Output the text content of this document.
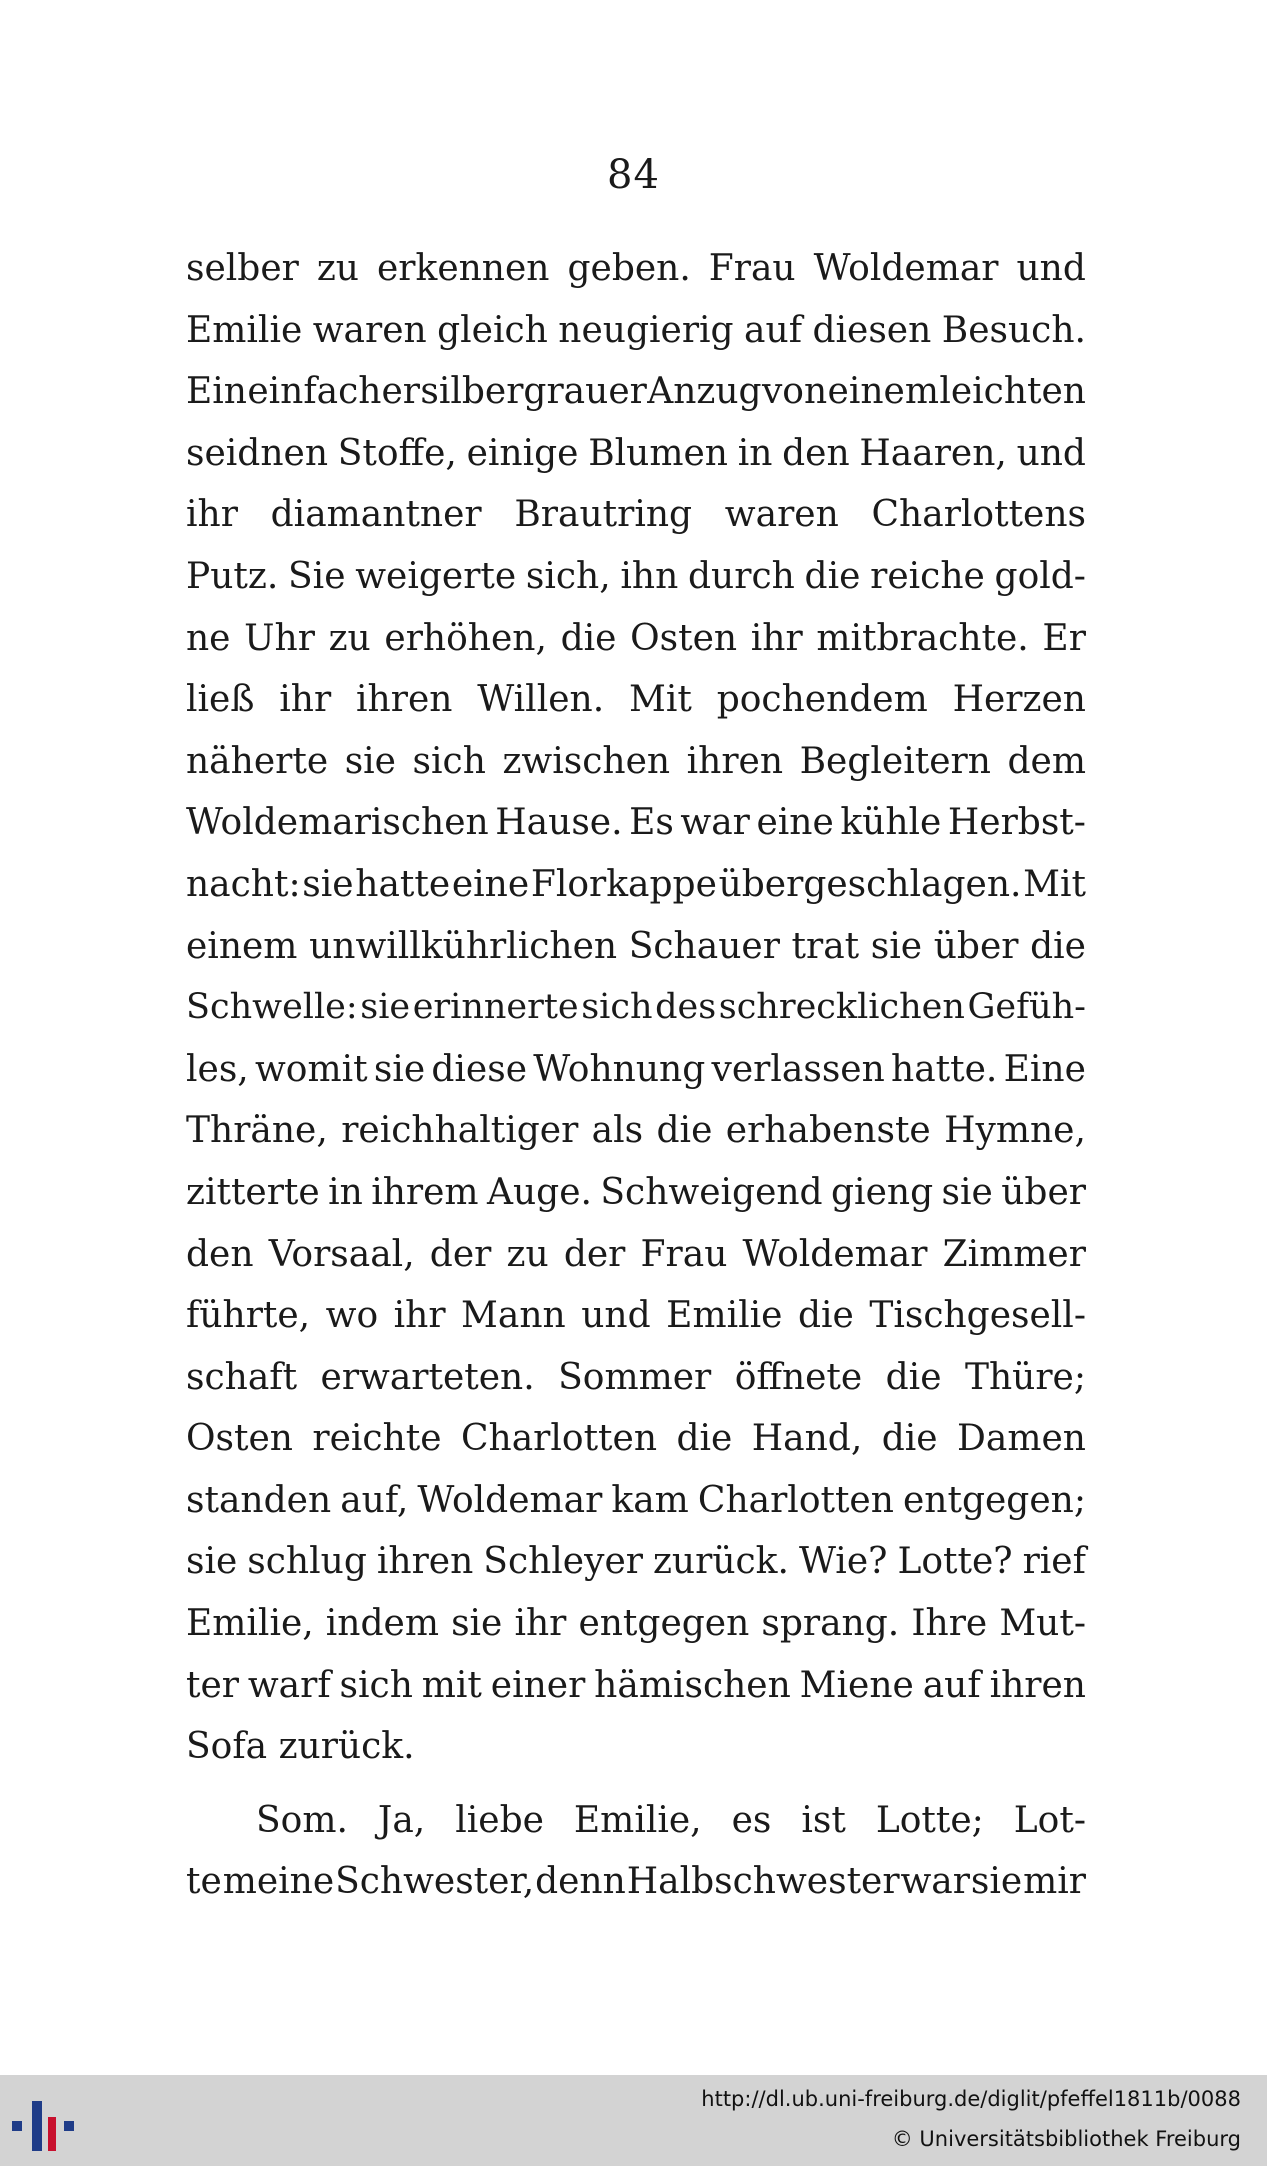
84
selber zu erkennen geben. Frau Woldemar und
Emilie waren gleich neugierig auf diesen Besuch.
Ein einfacher silbergrauer Anzug von einem leichten
seidnen Stoffe, einige Blumen in den Haaren, und
ihr diamantner Brautring waren Charlottens
Putz. Sie weigerte sich, ihn durch die reiche gold-
ne Uhr zu erhöhen, die Osten ihr mitbrachte. Er
ließ ihr ihren Willen. Mit pochendem Herzen
näherte sie sich zwischen ihren Begleitern dem
Woldemarischen Hause. Es war eine kühle Herbst-
nacht: sie hatte eine Florkappe übergeschlagen. Mit
einem unwillkührlichen Schauer trat sie über die
Schwelle: sie erinnerte sich des schrecklichen Gefüh-
les, womit sie diese Wohnung verlassen hatte. Eine
Thräne, reichhaltiger als die erhabenste Hymne,
zitterte in ihrem Auge. Schweigend gieng sie über
den Vorsaal, der zu der Frau Woldemar Zimmer
führte, wo ihr Mann und Emilie die Tischgesell-
schaft erwarteten. Sommer öffnete die Thüre;
Osten reichte Charlotten die Hand, die Damen
standen auf, Woldemar kam Charlotten entgegen;
sie schlug ihren Schleyer zurück. Wie? Lotte? rief
Emilie, indem sie ihr entgegen sprang. Ihre Mut-
ter warf sich mit einer hämischen Miene auf ihren
Sofa zurück.
Som. Ja, liebe Emilie, es ist Lotte; Lot-
te meine Schwester, denn Halbschwester war sie mir
http://dl.ub.uni-freiburg.de/diglit/pfeffel1811b/0088
© Universitätsbibliothek Freiburg
